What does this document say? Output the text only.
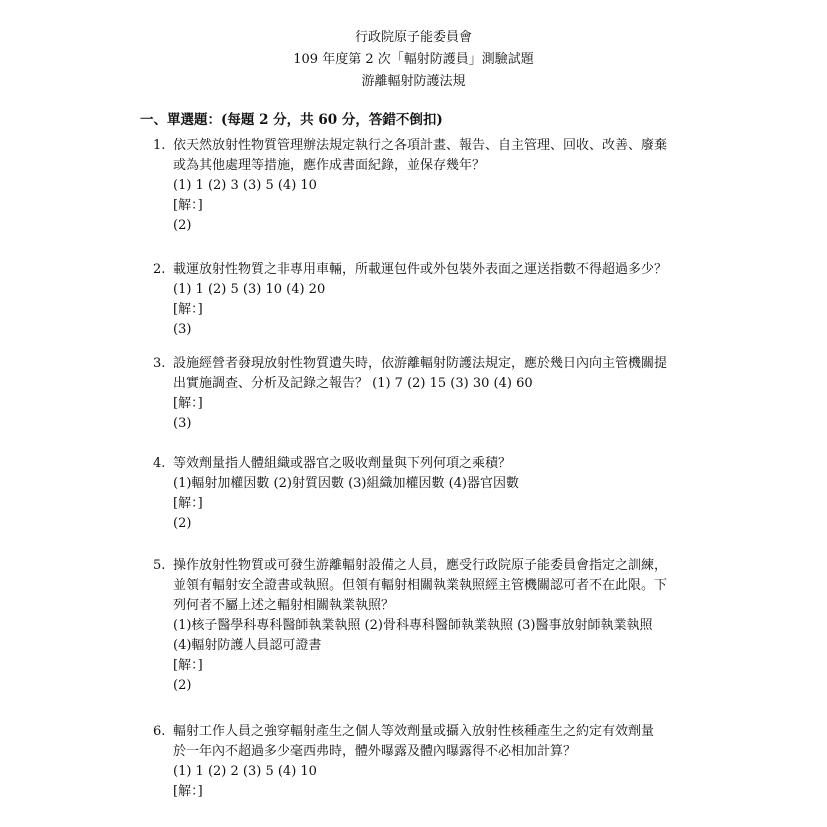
行政院原子能委員會
109 年度第 2 次「輻射防護員」測驗試題
游離輻射防護法規
一、單選題：(每題 2 分，共 60 分，答錯不倒扣)
1. 依天然放射性物質管理辦法規定執行之各項計畫、報告、自主管理、回收、改善、廢棄
或為其他處理等措施，應作成書面紀錄，並保存幾年？
(1) 1 (2) 3 (3) 5 (4) 10
[解：]
(2)
2. 載運放射性物質之非專用車輛，所載運包件或外包裝外表面之運送指數不得超過多少？
(1) 1 (2) 5 (3) 10 (4) 20
[解：]
(3)
3. 設施經營者發現放射性物質遺失時，依游離輻射防護法規定，應於幾日內向主管機關提
出實施調查、分析及記錄之報告？ (1) 7 (2) 15 (3) 30 (4) 60
[解：]
(3)
4. 等效劑量指人體組織或器官之吸收劑量與下列何項之乘積？
(1)輻射加權因數 (2)射質因數 (3)組織加權因數 (4)器官因數
[解：]
(2)
5. 操作放射性物質或可發生游離輻射設備之人員，應受行政院原子能委員會指定之訓練，
並領有輻射安全證書或執照。但領有輻射相關執業執照經主管機關認可者不在此限。下
列何者不屬上述之輻射相關執業執照？
(1)核子醫學科專科醫師執業執照 (2)骨科專科醫師執業執照 (3)醫事放射師執業執照
(4)輻射防護人員認可證書
[解：]
(2)
6. 輻射工作人員之強穿輻射產生之個人等效劑量或攝入放射性核種產生之約定有效劑量
於一年內不超過多少毫西弗時，體外曝露及體內曝露得不必相加計算？
(1) 1 (2) 2 (3) 5 (4) 10
[解：]
